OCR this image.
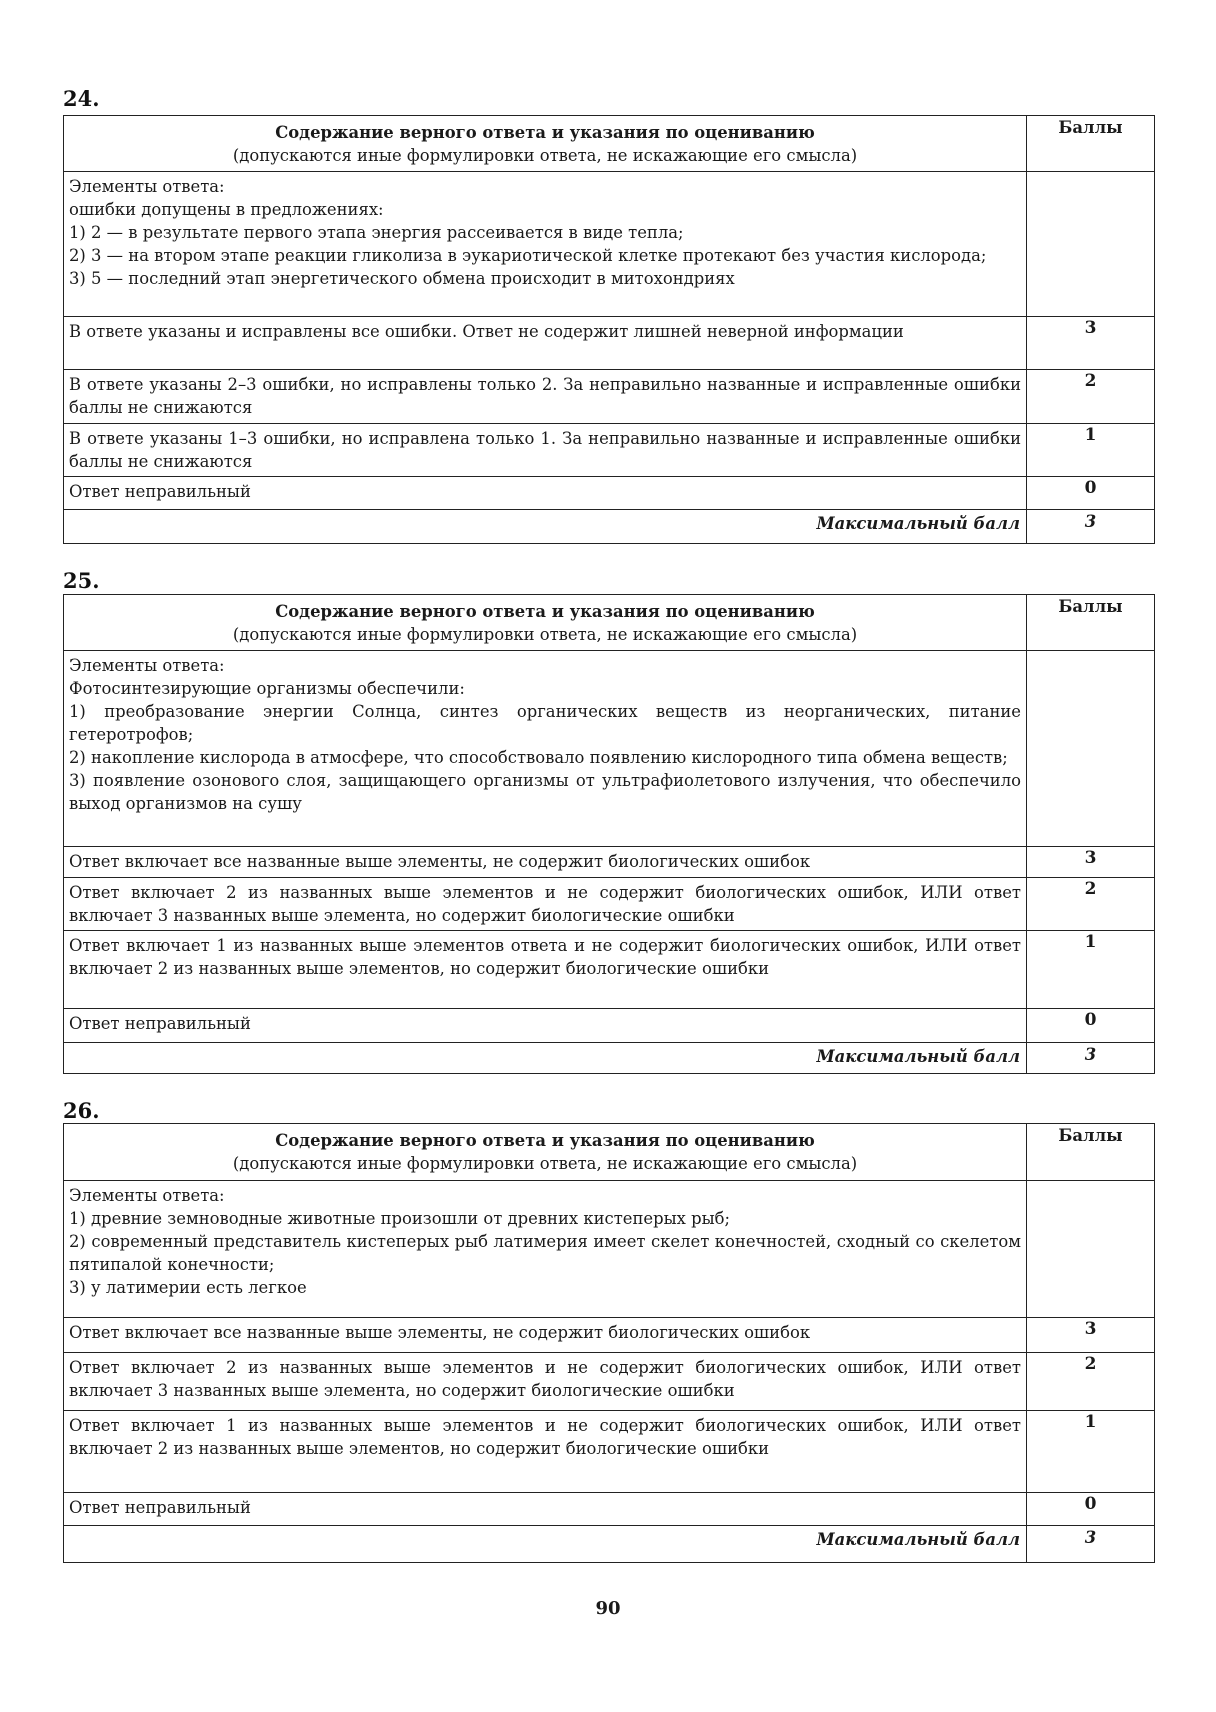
24.
Содержание верного ответа и указания по оцениванию
(допускаются иные формулировки ответа, не искажающие его смысла)	Баллы

Элементы ответа:
ошибки допущены в предложениях:
1) 2 — в результате первого этапа энергия рассеивается в виде тепла;
2) 3 — на втором этапе реакции гликолиза в эукариотической клетке протекают без участия кислорода;
3) 5 — последний этап энергетического обмена происходит в митохондриях	

В ответе указаны и исправлены все ошибки. Ответ не содержит лишней неверной информации	3
В ответе указаны 2–3 ошибки, но исправлены только 2. За неправильно названные и исправленные ошибки баллы не снижаются	2
В ответе указаны 1–3 ошибки, но исправлена только 1. За неправильно названные и исправленные ошибки баллы не снижаются	1
Ответ неправильный	0
Максимальный балл	3
25.
Содержание верного ответа и указания по оцениванию
(допускаются иные формулировки ответа, не искажающие его смысла)	Баллы

Элементы ответа:
Фотосинтезирующие организмы обеспечили:
1) преобразование энергии Солнца, синтез органических веществ из неорганических, питание гетеротрофов;
2) накопление кислорода в атмосфере, что способствовало появлению кислородного типа обмена веществ;
3) появление озонового слоя, защищающего организмы от ультрафиолетового излучения, что обеспечило выход организмов на сушу	

Ответ включает все названные выше элементы, не содержит биологических ошибок	3
Ответ включает 2 из названных выше элементов и не содержит биологических ошибок, ИЛИ ответ включает 3 названных выше элемента, но содержит биологические ошибки	2
Ответ включает 1 из названных выше элементов ответа и не содержит биологических ошибок, ИЛИ ответ включает 2 из названных выше элементов, но содержит биологические ошибки	1
Ответ неправильный	0
Максимальный балл	3
26.
Содержание верного ответа и указания по оцениванию
(допускаются иные формулировки ответа, не искажающие его смысла)	Баллы

Элементы ответа:
1) древние земноводные животные произошли от древних кистеперых рыб;
2) современный представитель кистеперых рыб латимерия имеет скелет конечностей, сходный со скелетом пятипалой конечности;
3) у латимерии есть легкое	

Ответ включает все названные выше элементы, не содержит биологических ошибок	3
Ответ включает 2 из названных выше элементов и не содержит биологических ошибок, ИЛИ ответ включает 3 названных выше элемента, но содержит биологические ошибки	2
Ответ включает 1 из названных выше элементов и не содержит биологических ошибок, ИЛИ ответ включает 2 из названных выше элементов, но содержит биологические ошибки	1
Ответ неправильный	0
Максимальный балл	3
90
